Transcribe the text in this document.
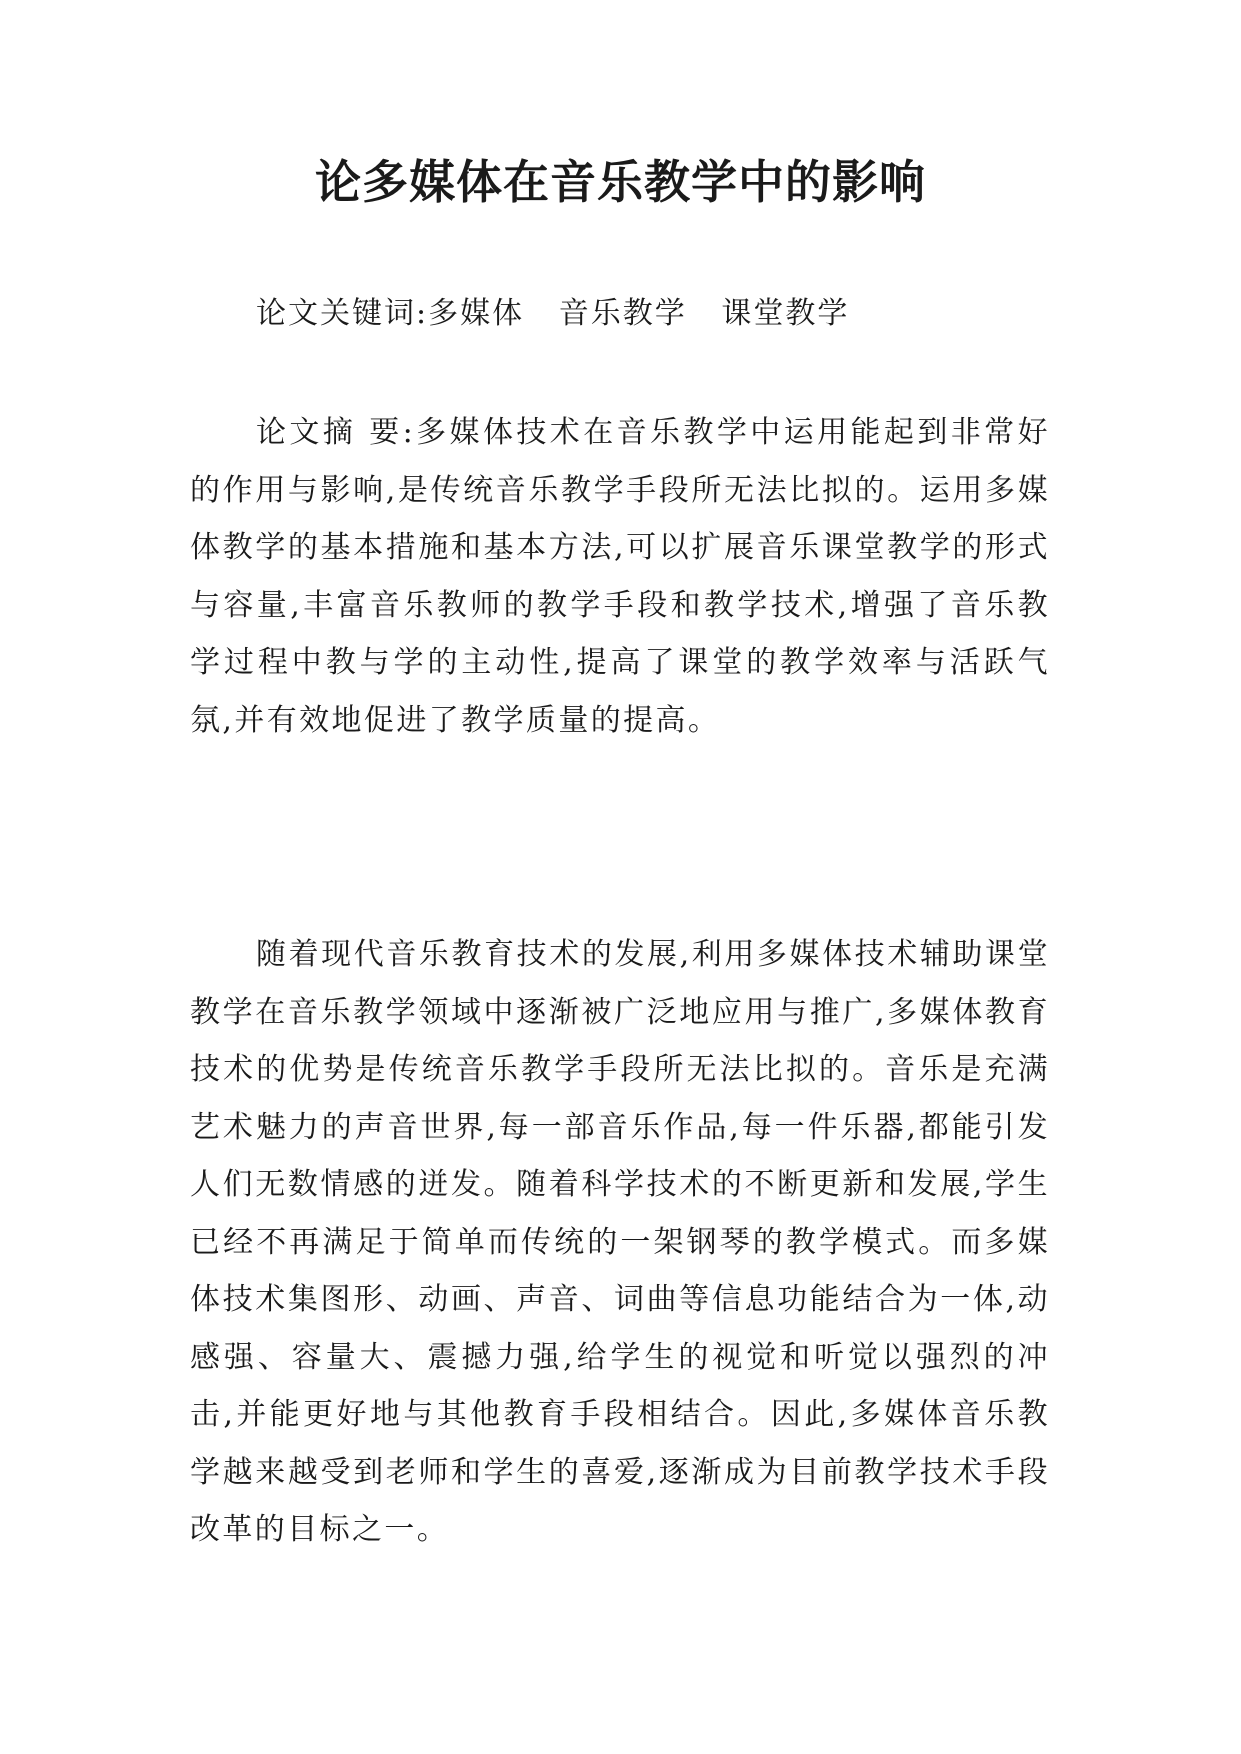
论多媒体在音乐教学中的影响

论文关键词:多媒体   音乐教学   课堂教学

论文摘 要:多媒体技术在音乐教学中运用能起到非常好的作用与影响,是传统音乐教学手段所无法比拟的。运用多媒体教学的基本措施和基本方法,可以扩展音乐课堂教学的形式与容量,丰富音乐教师的教学手段和教学技术,增强了音乐教学过程中教与学的主动性,提高了课堂的教学效率与活跃气氛,并有效地促进了教学质量的提高。

随着现代音乐教育技术的发展,利用多媒体技术辅助课堂教学在音乐教学领域中逐渐被广泛地应用与推广,多媒体教育技术的优势是传统音乐教学手段所无法比拟的。音乐是充满艺术魅力的声音世界,每一部音乐作品,每一件乐器,都能引发人们无数情感的迸发。随着科学技术的不断更新和发展,学生已经不再满足于简单而传统的一架钢琴的教学模式。而多媒体技术集图形、动画、声音、词曲等信息功能结合为一体,动感强、容量大、震撼力强,给学生的视觉和听觉以强烈的冲击,并能更好地与其他教育手段相结合。因此,多媒体音乐教学越来越受到老师和学生的喜爱,逐渐成为目前教学技术手段改革的目标之一。
